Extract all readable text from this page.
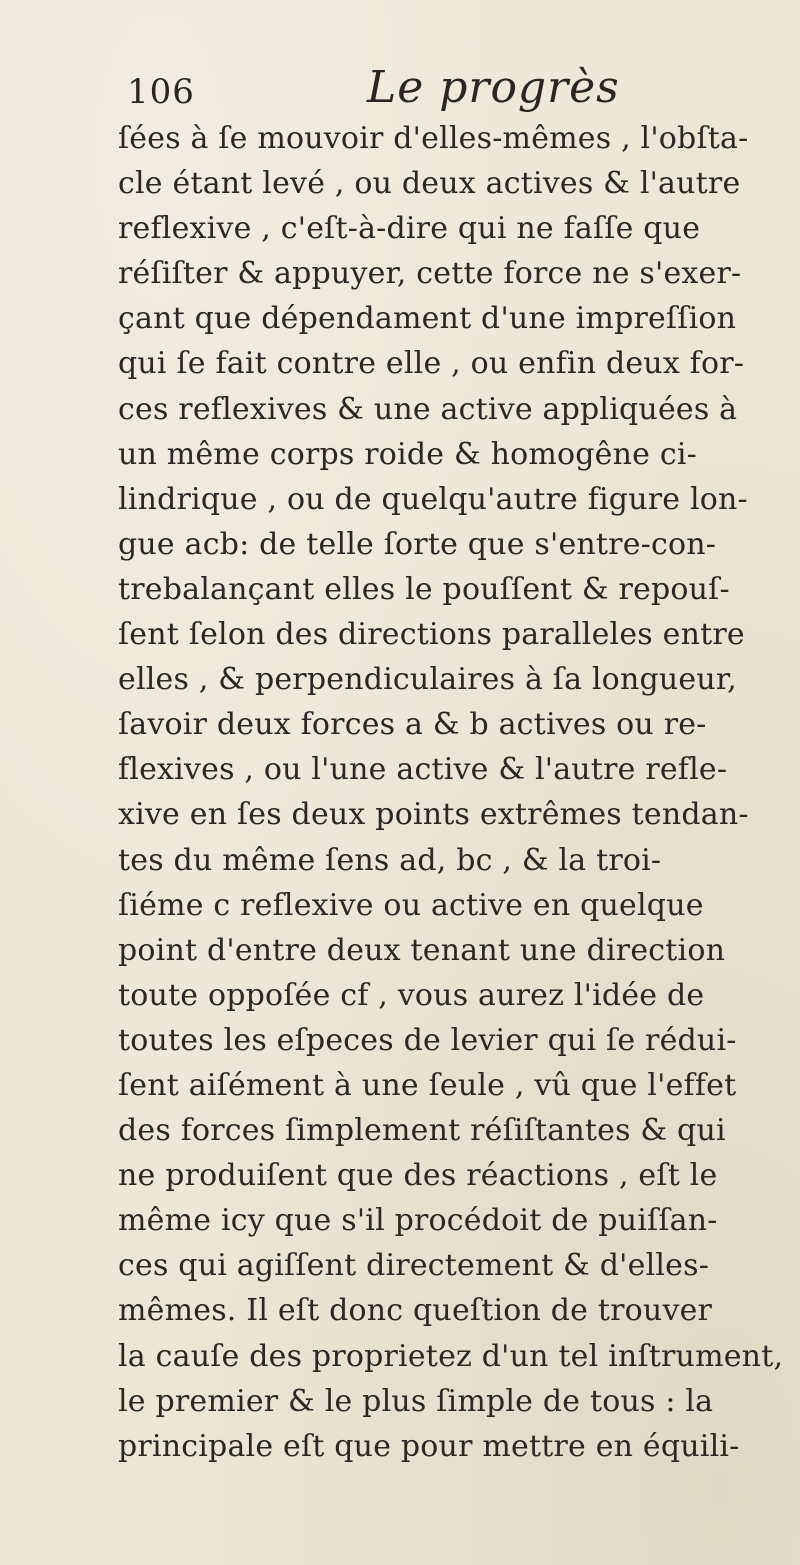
106	Le progrès
ſées à ſe mouvoir d'elles-mêmes , l'obſta-
cle étant levé , ou deux actives & l'autre
reflexive , c'eſt-à-dire qui ne faſſe que
réſiſter & appuyer, cette force ne s'exer-
çant que dépendament d'une impreſſion
qui ſe fait contre elle , ou enfin deux for-
ces reflexives & une active appliquées à
un même corps roide & homogêne ci-
lindrique , ou de quelqu'autre figure lon-
gue acb: de telle ſorte que s'entre-con-
trebalançant elles le pouſſent & repouſ-
ſent ſelon des directions paralleles entre
elles , & perpendiculaires à ſa longueur,
ſavoir deux forces a & b actives ou re-
flexives , ou l'une active & l'autre refle-
xive en ſes deux points extrêmes tendan-
tes du même ſens ad, bc , & la troi-
ſiéme c reflexive ou active en quelque
point d'entre deux tenant une direction
toute oppoſée cf , vous aurez l'idée de
toutes les eſpeces de levier qui ſe rédui-
ſent aiſément à une ſeule , vû que l'effet
des forces ſimplement réſiſtantes & qui
ne produiſent que des réactions , eſt le
même icy que s'il procédoit de puiſſan-
ces qui agiſſent directement & d'elles-
mêmes. Il eſt donc queſtion de trouver
la cauſe des proprietez d'un tel inſtrument,
le premier & le plus ſimple de tous : la
principale eſt que pour mettre en équili-
